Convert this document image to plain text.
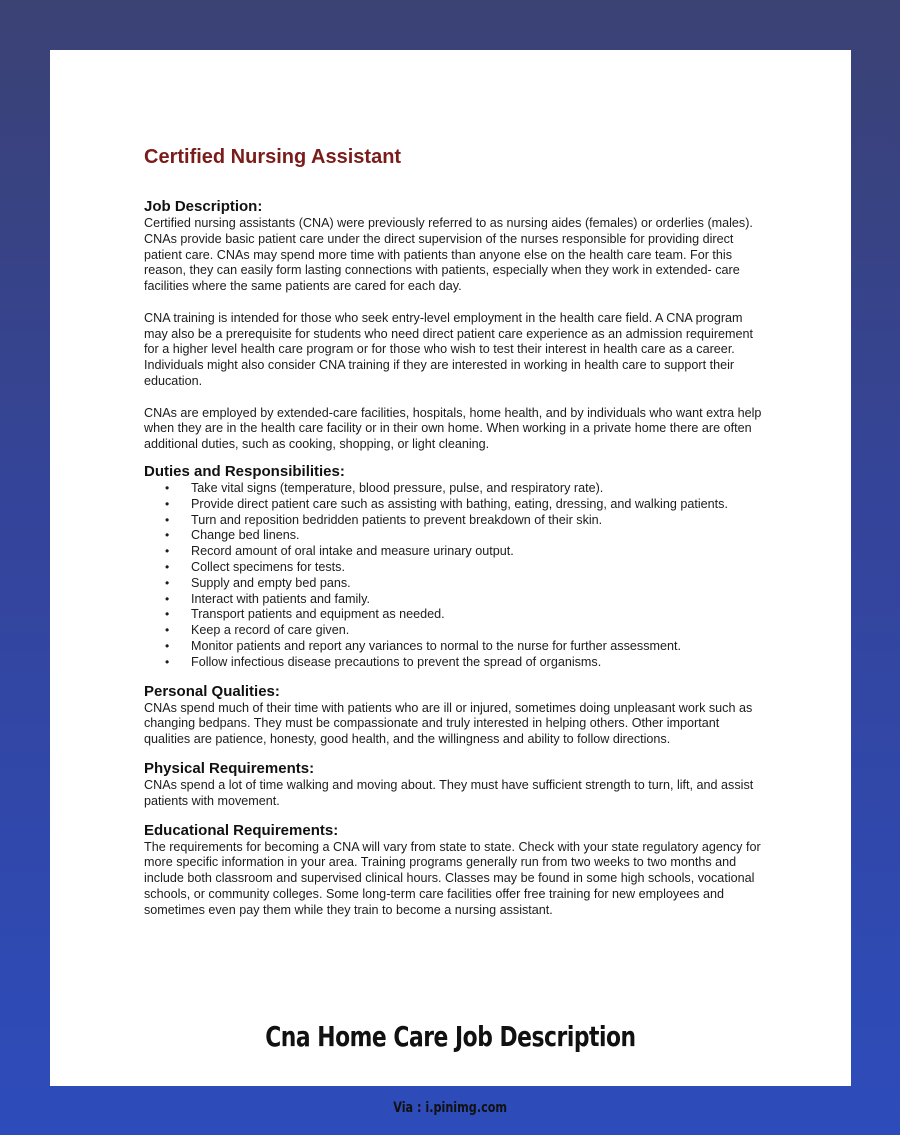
Certified Nursing Assistant
Job Description:

Certified nursing assistants (CNA) were previously referred to as nursing aides (females) or orderlies (males). CNAs provide basic patient care under the direct supervision of the nurses responsible for providing direct patient care. CNAs may spend more time with patients than anyone else on the health care team. For this reason, they can easily form lasting connections with patients, especially when they work in extended- care facilities where the same patients are cared for each day.

CNA training is intended for those who seek entry-level employment in the health care field. A CNA program may also be a prerequisite for students who need direct patient care experience as an admission requirement for a higher level health care program or for those who wish to test their interest in health care as a career. Individuals might also consider CNA training if they are interested in working in health care to support their education.

CNAs are employed by extended-care facilities, hospitals, home health, and by individuals who want extra help when they are in the health care facility or in their own home. When working in a private home there are often additional duties, such as cooking, shopping, or light cleaning.

Duties and Responsibilities:
• Take vital signs (temperature, blood pressure, pulse, and respiratory rate).
• Provide direct patient care such as assisting with bathing, eating, dressing, and walking patients.
• Turn and reposition bedridden patients to prevent breakdown of their skin.
• Change bed linens.
• Record amount of oral intake and measure urinary output.
• Collect specimens for tests.
• Supply and empty bed pans.
• Interact with patients and family.
• Transport patients and equipment as needed.
• Keep a record of care given.
• Monitor patients and report any variances to normal to the nurse for further assessment.
• Follow infectious disease precautions to prevent the spread of organisms.
Personal Qualities:

CNAs spend much of their time with patients who are ill or injured, sometimes doing unpleasant work such as changing bedpans. They must be compassionate and truly interested in helping others. Other important qualities are patience, honesty, good health, and the willingness and ability to follow directions.

Physical Requirements:

CNAs spend a lot of time walking and moving about. They must have sufficient strength to turn, lift, and assist patients with movement.

Educational Requirements:

The requirements for becoming a CNA will vary from state to state. Check with your state regulatory agency for more specific information in your area. Training programs generally run from two weeks to two months and include both classroom and supervised clinical hours. Classes may be found in some high schools, vocational schools, or community colleges. Some long-term care facilities offer free training for new employees and sometimes even pay them while they train to become a nursing assistant.

Cna Home Care Job Description
Via : i.pinimg.com
